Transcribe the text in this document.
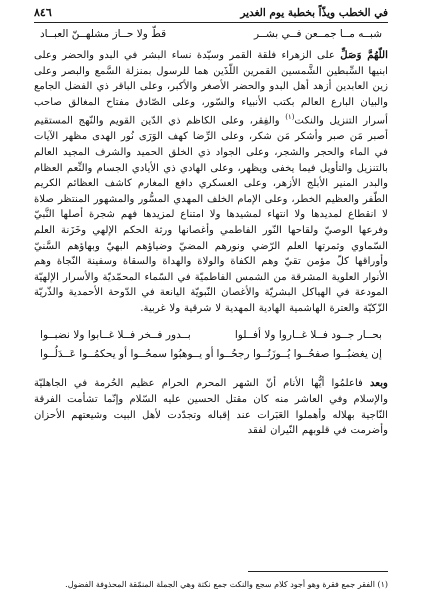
في الخطب ويذّاً بخطبة يوم الغدير
٨٤٦
شبــه مــا جمــعن فــي بشــر
قطّ ولا حــاز مشلهــنّ العبــاد

اللّهُمَّ وَصَلِّ على الزهراء فلقة القمر وسيّدة نساء البشر في البدو والحضر وعلى ابنيها السِّبطين الشَّمسين القمرين اللّذَين هما للرسول بمنزلة السَّمع والبصر وعلى زين العابدين أزهد أهل البدو والحضر الأصغر والأكبر، وعلى الباقر ذي الفضل الجامع والبيان البارع العالم بكتب الأنبياء والسّور، وعلى الصّادق مفتاح المغالق صاحب أسرار التنزيل والنكت$^{(١)}$ والفِقر، وعلى الكاظم ذي الدّين القويم والنّهج المستقيم أصبر مَن صبر وأشكر مَن شكر، وعلى الرِّضا كهف الوَرَى نُور الهدى مظهر الآيات في الماء والحجر والشجر، وعلى الجواد ذي الخلق الحميد والشرف المجيد العالم بالتنزيل والتأويل فيما يخفى ويظهر، وعلى الهادي ذي الأيادي الجسام والنِّعم العظام والبدر المنير الأبلج الأزهر، وعلى العسكري دافع المغارم كاشف العظائم الكريم الطّفر والعظيم الخطر، وعلى الإمام الخلف المهدي المسُّور والمشهور المنتظر صلاة لا انقطاع لمديدها ولا انتهاء لمشيدها ولا امتناع لمزيدها فهم شجرة أصلها النَّبيّ وفرعها الوصيّ ولقاحها النّور الفاطمي وأغصانها ورثة الحكم الإلهي وخَزَنة العلم السّماوي وثمرتها العلم الرّضي ونورهم المضيّ وضياؤهم البهيّ وبهاؤهم السَّنيّ وأوراقها كلّ مؤمن تقيّ وهم الكفاة والولاة والهداة والسقاة وسفينة النّجاة وهم الأنوار العلوية المشرقة من الشمس الفاطميّة في السّماء المحمّديّة والأسرار الإلهيّة المودعة في الهياكل البشريّة والأغصان النّبويّة اليانعة في الدّوحة الأحمدية والذّريّة الزّكيّة والعترة الهاشمية الهادية المهدية لا شرقية ولا غربية.

بحــار جــود فــلا غــاروا ولا أفــلوا
بــدور فــخر فــلا غــابوا ولا نضبــوا
إن يغضبُــوا صفحُــوا يُــوزَنُــوا رجحُــوا
أو يــوهبُوا سمحُــوا أو يحكمُــوا عَــدَلُــوا

وبعد فاعلمُوا أيُّها الأنام أنّ الشهر المحرم الحرام عظيم الحُرمة في الجاهليّة والإسلام وفي العاشر منه كان مقتل الحسين عليه السّلام وإنّما تشأمت الفرقة النّاجية بهلاله وأهملوا العَبَرات عند إقباله وتجدّدت لأهل البيت وشيعتهم الأحزان وأضرمت في قلوبهم النّيران لفقد

(١) الفقر جمع فقرة وهو أجود كلام سجع والنكت جمع نكتة وهي الجملة المنمّقة المحذوفة الفضول.
